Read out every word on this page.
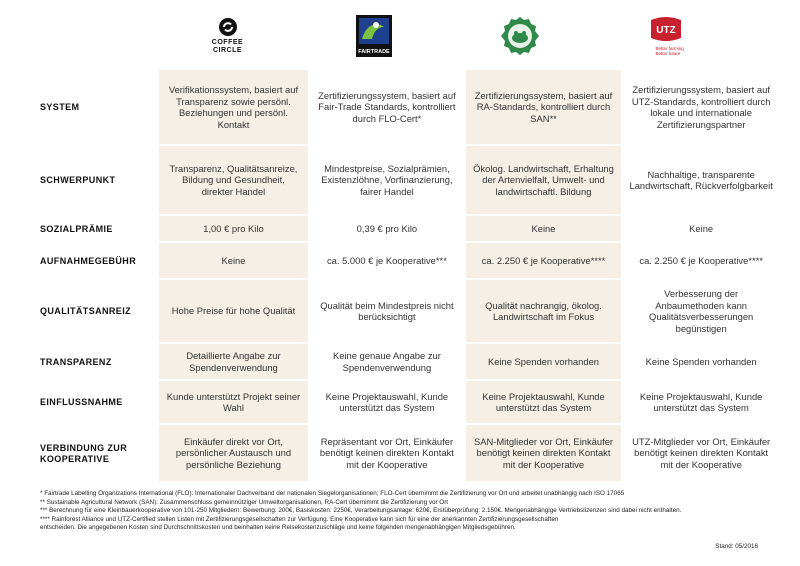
COFFEE CIRCLE	FAIRTRADE
UTZ
Better farming Better future
SYSTEM	Verifikationssystem, basiert auf Transparenz sowie persönl. Beziehungen und persönl. Kontakt	Zertifizierungssystem, basiert auf Fair-Trade Standards, kontrolliert durch FLO-Cert*	Zertifizierungssystem, basiert auf RA-Standards, kontrolliert durch SAN**	Zertifizierungssystem, basiert auf UTZ-Standards, kontrolliert durch lokale und internationale Zertifizierungspartner

SCHWERPUNKT	Transparenz, Qualitätsanreize, Bildung und Gesundheit, direkter Handel	Mindestpreise, Sozialprämien, Existenzlöhne, Vorfinanzierung, fairer Handel	Ökolog. Landwirtschaft, Erhaltung der Artenvielfalt, Umwelt- und landwirtschaftl. Bildung	Nachhaltige, transparente Landwirtschaft, Rückverfolgbarkeit

SOZIALPRÄMIE	1,00 € pro Kilo	0,39 € pro Kilo	Keine	Keine

AUFNAHMEGEBÜHR	Keine	ca. 5.000 € je Kooperative***	ca. 2.250 € je Kooperative****	ca. 2.250 € je Kooperative****

QUALITÄTSANREIZ	Hohe Preise für hohe Qualität	Qualität beim Mindestpreis nicht berücksichtigt	Qualität nachrangig, ökolog. Landwirtschaft im Fokus	Verbesserung der Anbaumethoden kann Qualitätsverbesserungen begünstigen

TRANSPARENZ	Detaillierte Angabe zur Spendenverwendung	Keine genaue Angabe zur Spendenverwendung	Keine Spenden vorhanden	Keine Spenden vorhanden

EINFLUSSNAHME	Kunde unterstützt Projekt seiner Wahl	Keine Projektauswahl, Kunde unterstützt das System	Keine Projektauswahl, Kunde unterstützt das System	Keine Projektauswahl, Kunde unterstützt das System

VERBINDUNG ZUR KOOPERATIVE	Einkäufer direkt vor Ort, persönlicher Austausch und persönliche Beziehung	Repräsentant vor Ort, Einkäufer benötigt keinen direkten Kontakt mit der Kooperative	SAN-Mitglieder vor Ort, Einkäufer benötigt keinen direkten Kontakt mit der Kooperative	UTZ-Mitglieder vor Ort, Einkäufer benötigt keinen direkten Kontakt mit der Kooperative
* Fairtrade Labelling Organizations International (FLO): Internationaler Dachverband der nationalen Siegelorganisationen; FLO-Cert übernimmt die Zertifizierung vor Ort und arbeitet unabhängig nach ISO 17065
** Sustainable Agricultural Network (SAN): Zusammenschluss gemeinnütziger Umweltorganisationen, RA-Cert übernimmt die Zertifizierung vor Ort
*** Berechnung für eine Kleinbauerkooperative von 101-250 Mitgliedern: Bewerbung: 200€, Basiskosten: 2250€, Verarbeitungsanlage: 620€, Erstüberprüfung: 2.150€. Mengenabhängige Vertriebslizenzen sind dabei nicht enthalten.
**** Rainforest Alliance und UTZ-Certified stellen Listen mit Zertifizierungsgesellschaften zur Verfügung. Eine Kooperative kann sich für eine der anerkannten Zertifizierungsgesellschaften
entscheiden. Die angegebenen Kosten sind Durchschnittskosten und beinhalten keine Reisekostenzuschläge und keine folgenden mengenabhängigen Mitgliedsgebühren.
Stand: 05/2016
